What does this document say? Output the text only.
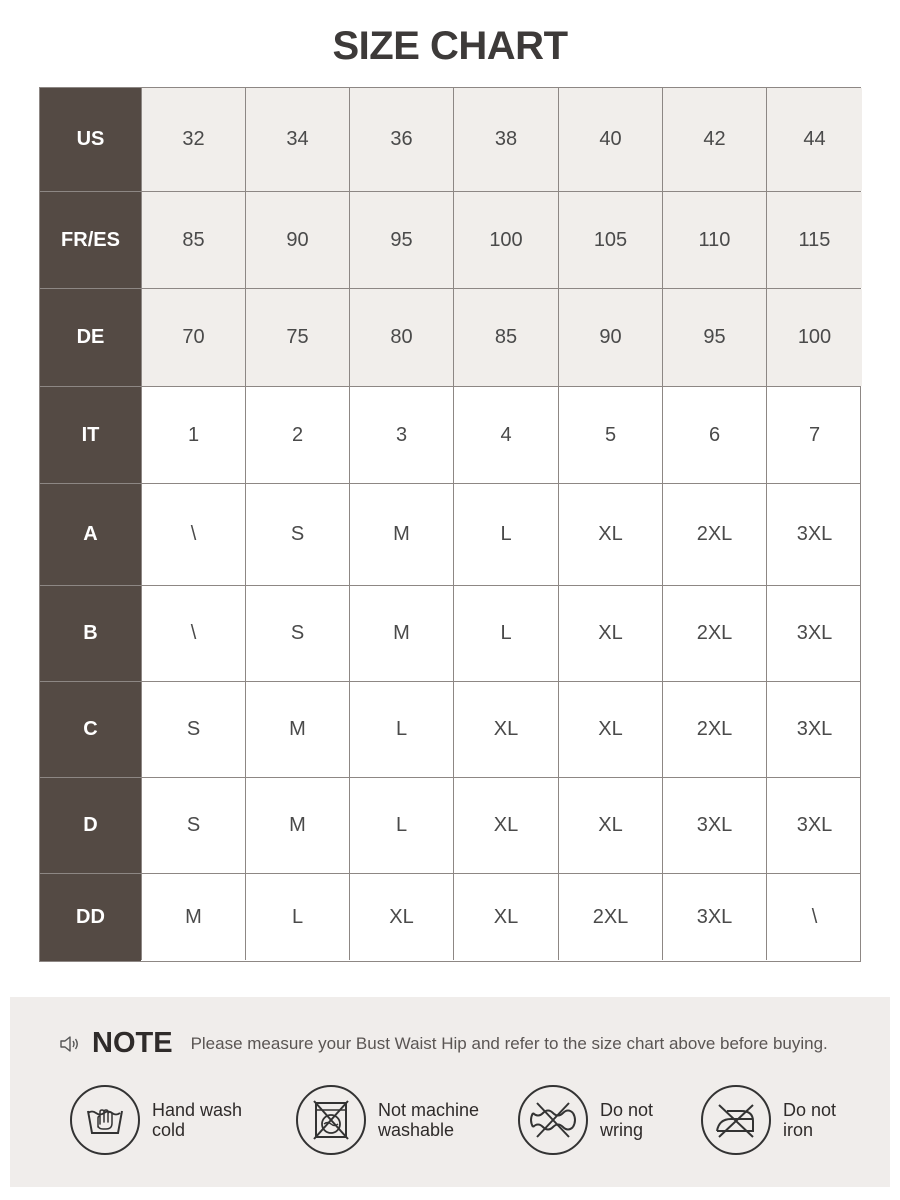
SIZE CHART
US	32	34	36	38	40	42	44
FR/ES	85	90	95	100	105	110	115
DE	70	75	80	85	90	95	100
IT	1	2	3	4	5	6	7
A	\	S	M	L	XL	2XL	3XL
B	\	S	M	L	XL	2XL	3XL
C	S	M	L	XL	XL	2XL	3XL
D	S	M	L	XL	XL	3XL	3XL
DD	M	L	XL	XL	2XL	3XL	\
NOTE Please measure your Bust Waist Hip and refer to the size chart above before buying.
Hand wash
cold
Not machine
washable
Do not
wring
Do not
iron
